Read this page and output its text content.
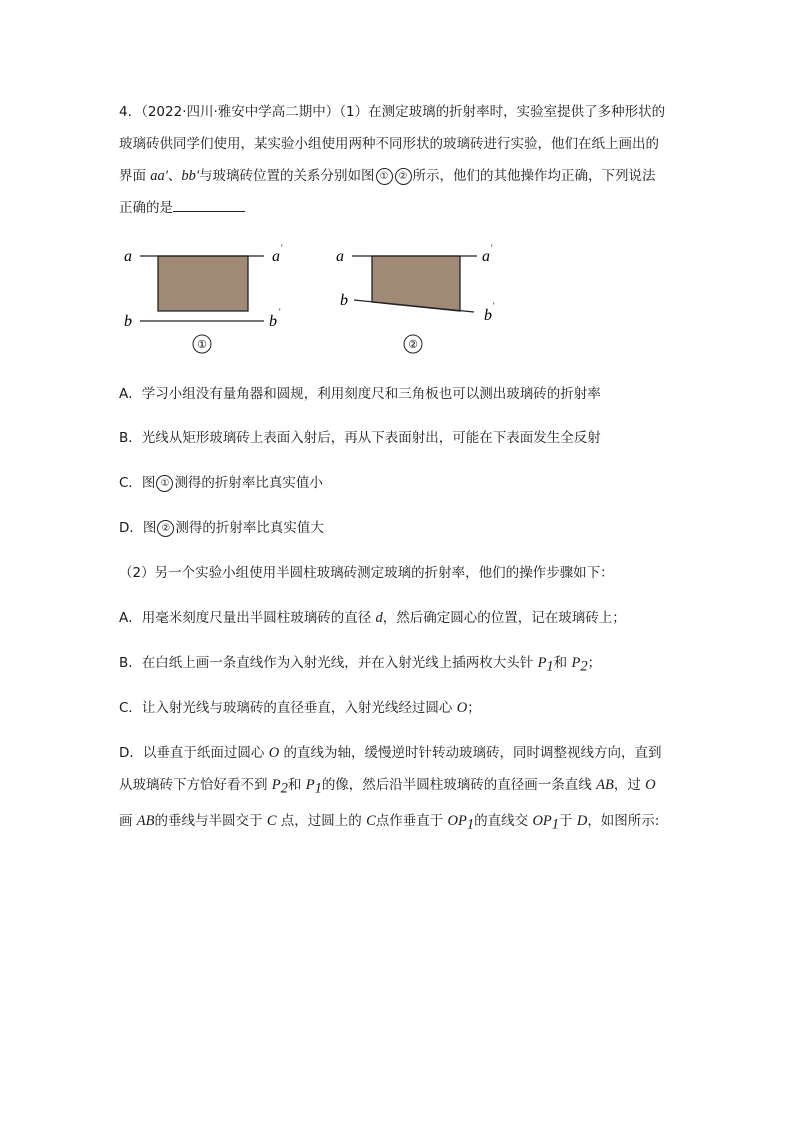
4．（2022·四川·雅安中学高二期中）（1）在测定玻璃的折射率时，实验室提供了多种形状的
玻璃砖供同学们使用，某实验小组使用两种不同形状的玻璃砖进行实验，他们在纸上画出的
界面 aa'、bb'与玻璃砖位置的关系分别如图 ① ② 所示，他们的其他操作均正确，下列说法
正确的是

a	a '
b	b
'
①
a	a '
b
b
'
②

A．学习小组没有量角器和圆规，利用刻度尺和三角板也可以测出玻璃砖的折射率

B．光线从矩形玻璃砖上表面入射后，再从下表面射出，可能在下表面发生全反射

C．图 ① 测得的折射率比真实值小

D．图 ② 测得的折射率比真实值大

（2）另一个实验小组使用半圆柱玻璃砖测定玻璃的折射率，他们的操作步骤如下：

A．用毫米刻度尺量出半圆柱玻璃砖的直径 d，然后确定圆心的位置，记在玻璃砖上；

B．在白纸上画一条直线作为入射光线，并在入射光线上插两枚大头针 $P_1$和 $P_2$；

C．让入射光线与玻璃砖的直径垂直，入射光线经过圆心 O；

D．以垂直于纸面过圆心 O 的直线为轴，缓慢逆时针转动玻璃砖，同时调整视线方向，直到
从玻璃砖下方恰好看不到 $P_2$和 $P_1$的像，然后沿半圆柱玻璃砖的直径画一条直线 AB，过 O
画 AB的垂线与半圆交于 C 点，过圆上的 C点作垂直于 $OP_1$的直线交 $OP_1$于 D，如图所示:
